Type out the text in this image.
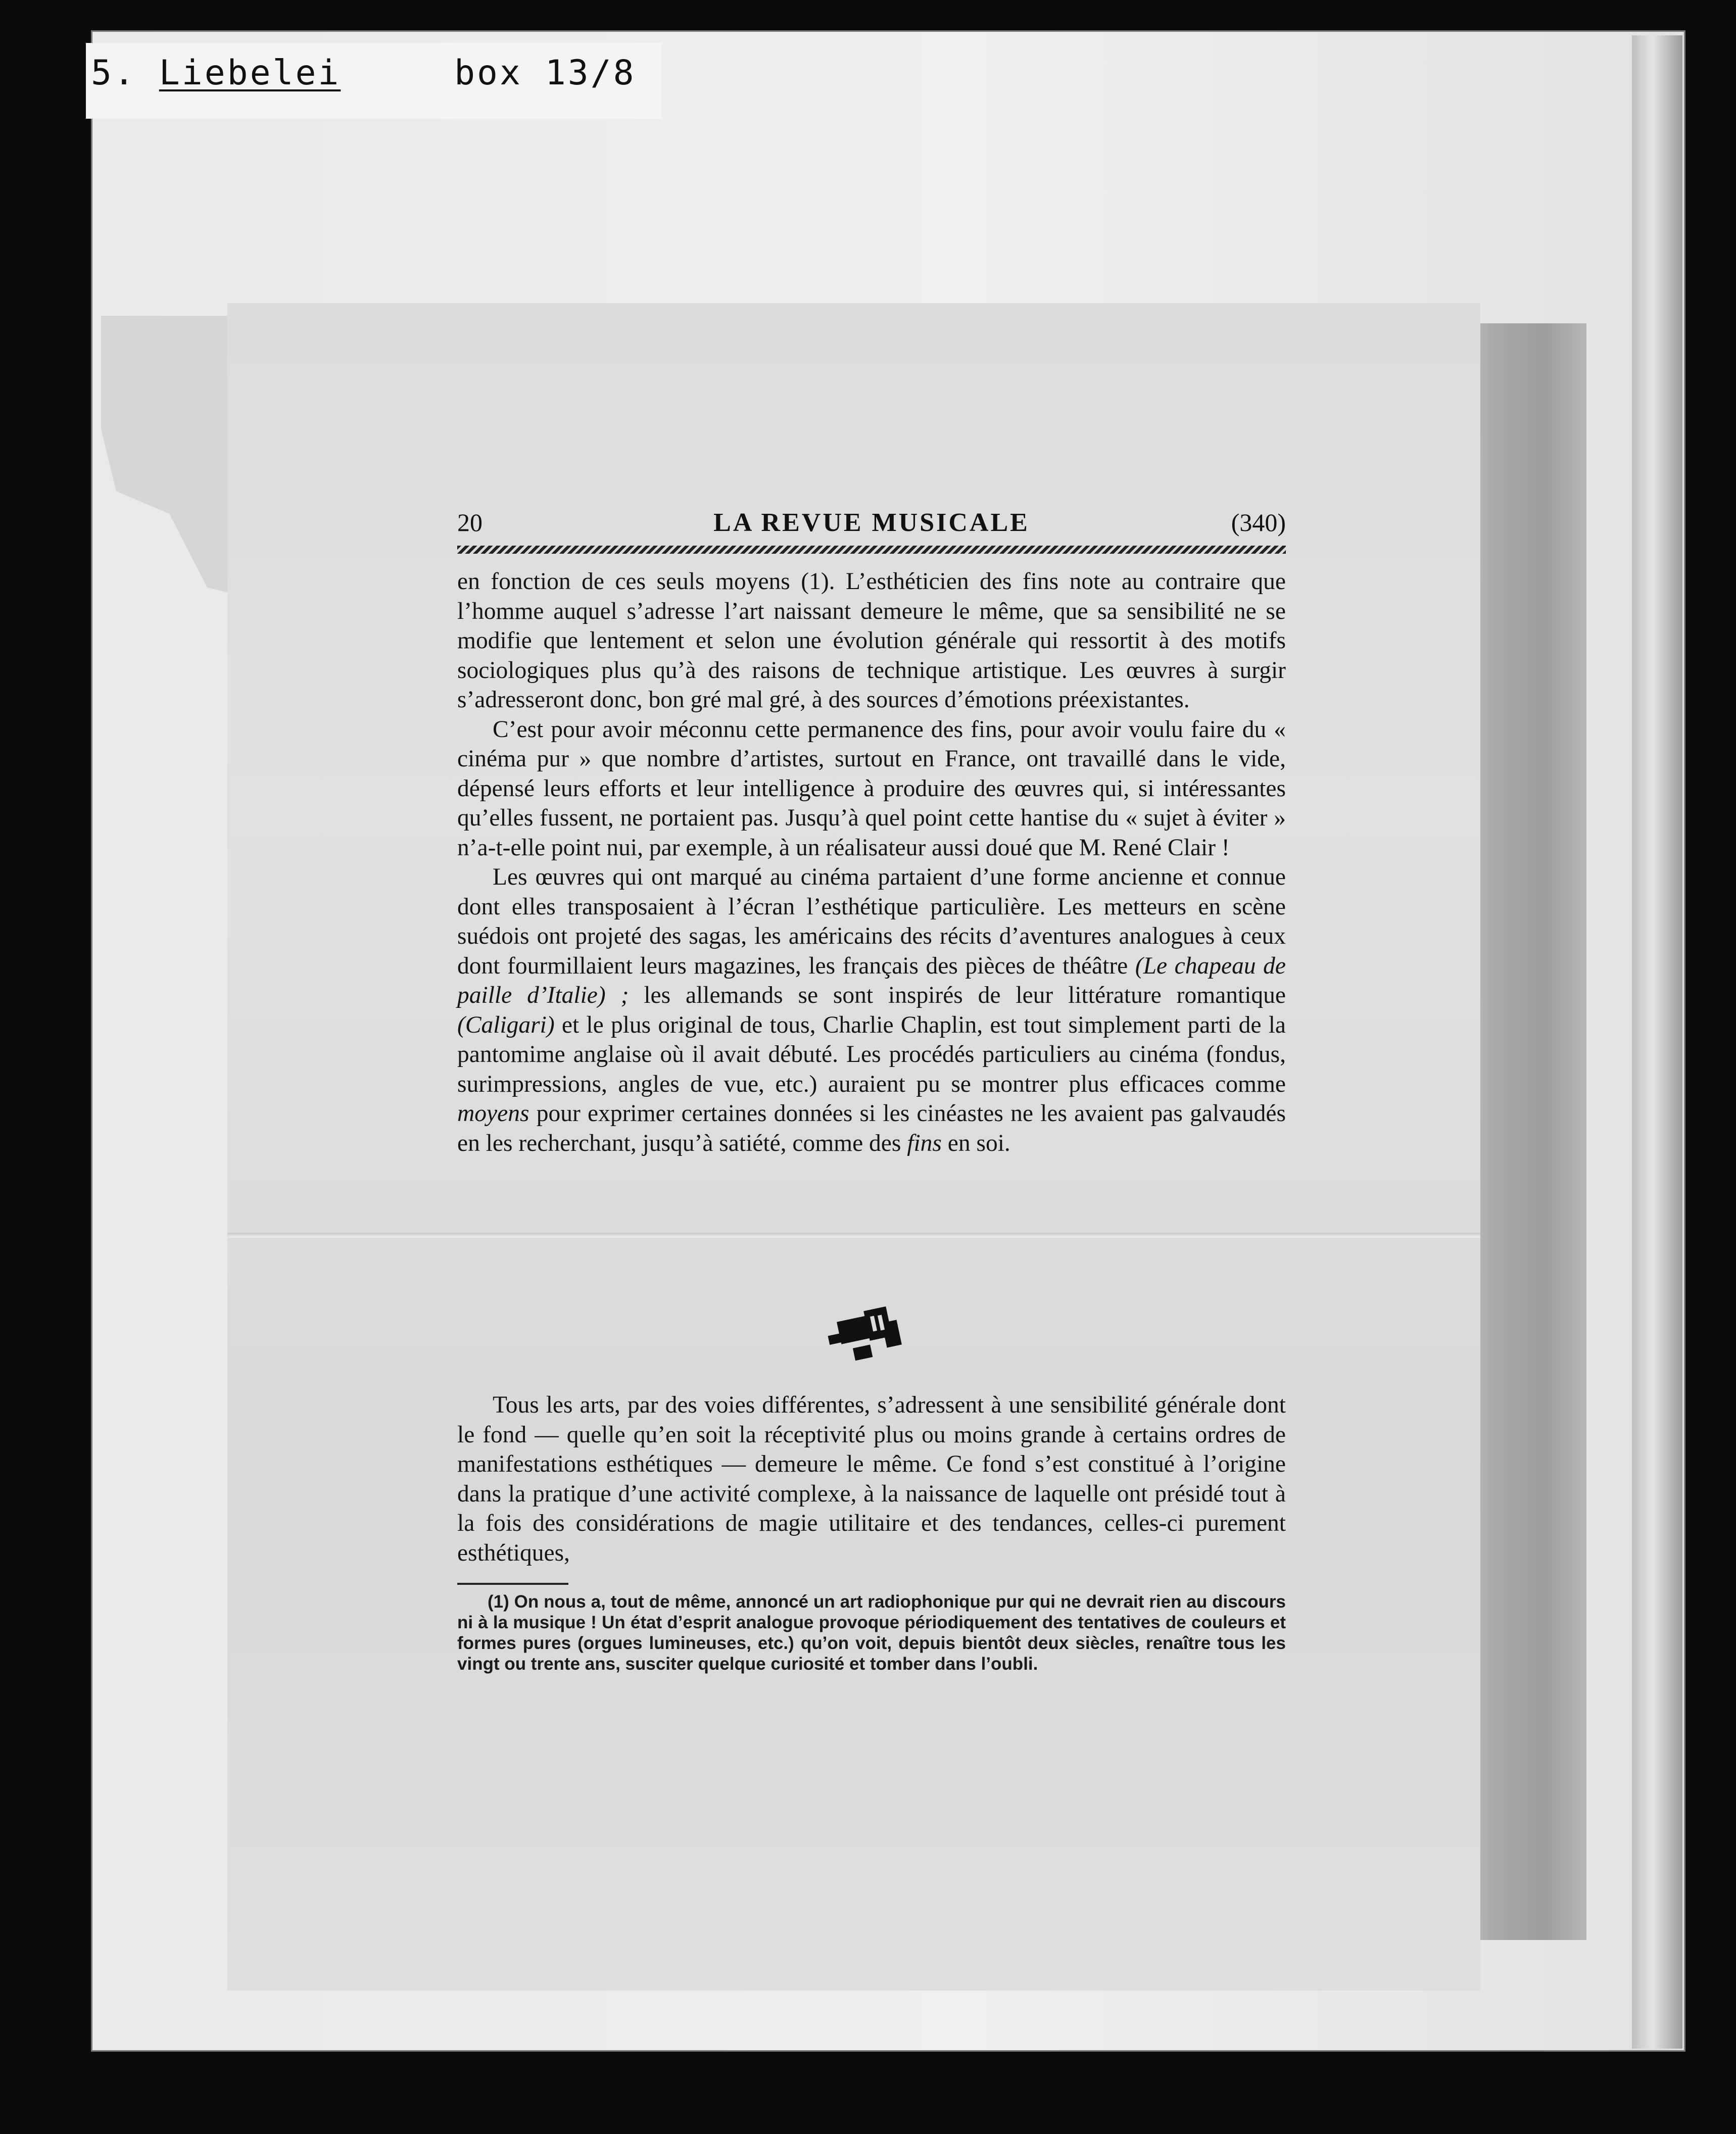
5. Liebelei	box 13/8
20	LA REVUE MUSICALE	(340)

en fonction de ces seuls moyens (1). L’esthéticien des fins note au contraire que l’homme auquel s’adresse l’art naissant demeure le même, que sa sensibilité ne se modifie que lentement et selon une évolution générale qui ressortit à des motifs sociologiques plus qu’à des raisons de technique artistique. Les œuvres à surgir s’adresseront donc, bon gré mal gré, à des sources d’émotions préexistantes.

C’est pour avoir méconnu cette permanence des fins, pour avoir voulu faire du « cinéma pur » que nombre d’artistes, surtout en France, ont travaillé dans le vide, dépensé leurs efforts et leur intelligence à produire des œuvres qui, si intéressantes qu’elles fussent, ne portaient pas. Jusqu’à quel point cette hantise du « sujet à éviter » n’a-t-elle point nui, par exemple, à un réalisateur aussi doué que M. René Clair !

Les œuvres qui ont marqué au cinéma partaient d’une forme ancienne et connue dont elles transposaient à l’écran l’esthétique particulière. Les metteurs en scène suédois ont projeté des sagas, les américains des récits d’aventures analogues à ceux dont fourmillaient leurs magazines, les français des pièces de théâtre (Le chapeau de paille d’Italie) ; les allemands se sont inspirés de leur littérature romantique (Caligari) et le plus original de tous, Charlie Chaplin, est tout simplement parti de la pantomime anglaise où il avait débuté. Les procédés particuliers au cinéma (fondus, surimpressions, angles de vue, etc.) auraient pu se montrer plus efficaces comme moyens pour exprimer certaines données si les cinéastes ne les avaient pas galvaudés en les recherchant, jusqu’à satiété, comme des fins en soi.

Tous les arts, par des voies différentes, s’adressent à une sensibilité générale dont le fond — quelle qu’en soit la réceptivité plus ou moins grande à certains ordres de manifestations esthétiques — demeure le même. Ce fond s’est constitué à l’origine dans la pratique d’une activité complexe, à la naissance de laquelle ont présidé tout à la fois des considérations de magie utilitaire et des tendances, celles-ci purement esthétiques,

(1) On nous a, tout de même, annoncé un art radiophonique pur qui ne devrait rien au discours ni à la musique ! Un état d’esprit analogue provoque périodiquement des tentatives de couleurs et formes pures (orgues lumineuses, etc.) qu’on voit, depuis bientôt deux siècles, renaître tous les vingt ou trente ans, susciter quelque curiosité et tomber dans l’oubli.
